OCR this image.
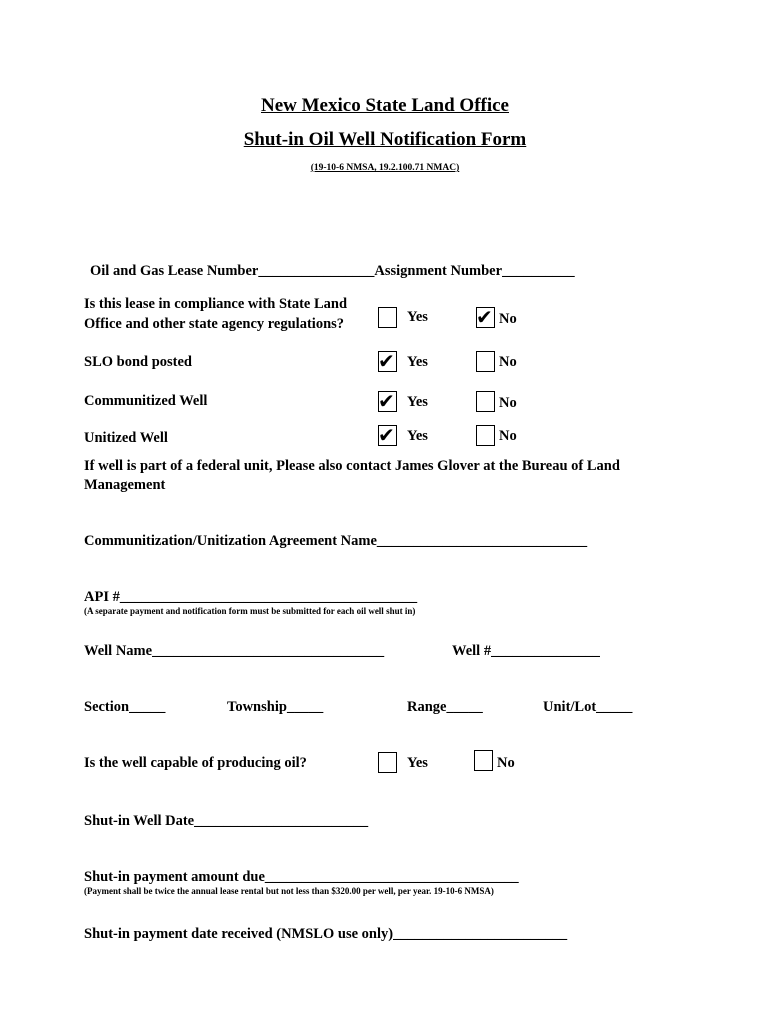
New Mexico State Land Office
Shut-in Oil Well Notification Form
(19-10-6 NMSA, 19.2.100.71 NMAC)
Oil and Gas Lease Number________________Assignment Number__________
Is this lease in compliance with State Land
Office and other state agency regulations?	Yes ✔ No
SLO bond posted	✔ Yes	No
Communitized Well	✔ Yes	No
Unitized Well	✔ Yes	No
If well is part of a federal unit, Please also contact James Glover at the Bureau of Land
Management
Communitization/Unitization Agreement Name_____________________________
API #_________________________________________
(A separate payment and notification form must be submitted for each oil well shut in)
Well Name________________________________	Well #_______________
Section_____	Township_____	Range_____	Unit/Lot_____
Is the well capable of producing oil?	Yes	No
Shut-in Well Date________________________
Shut-in payment amount due___________________________________
(Payment shall be twice the annual lease rental but not less than $320.00 per well, per year. 19-10-6 NMSA)
Shut-in payment date received (NMSLO use only)________________________
